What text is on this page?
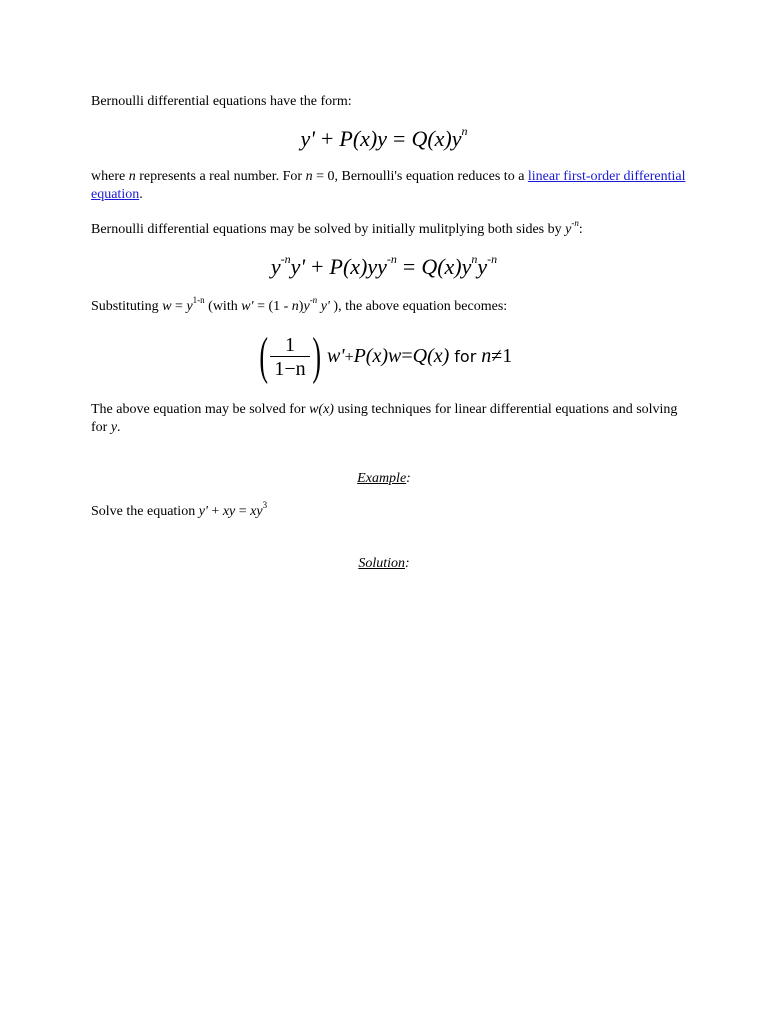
Bernoulli differential equations have the form:

$y' + P(x)y = Q(x)y^n$

where n represents a real number. For n = 0, Bernoulli's equation reduces to a linear first-order differential equation.

Bernoulli differential equations may be solved by initially mulitplying both sides by $y^{-n}$:

$y^{-n}y' + P(x)yy^{-n} = Q(x)y^ny^{-n}$

Substituting $w = y^{1-n}$ (with $w' = (1 - n)y^{-n}$ y' ), the above equation becomes:

( $\frac{1}{1-n}$ ) w'+P(x)w=Q(x) for n≠1

The above equation may be solved for w(x) using techniques for linear differential equations and solving for y.

Example:

Solve the equation y' + xy = $xy^3$

Solution:
